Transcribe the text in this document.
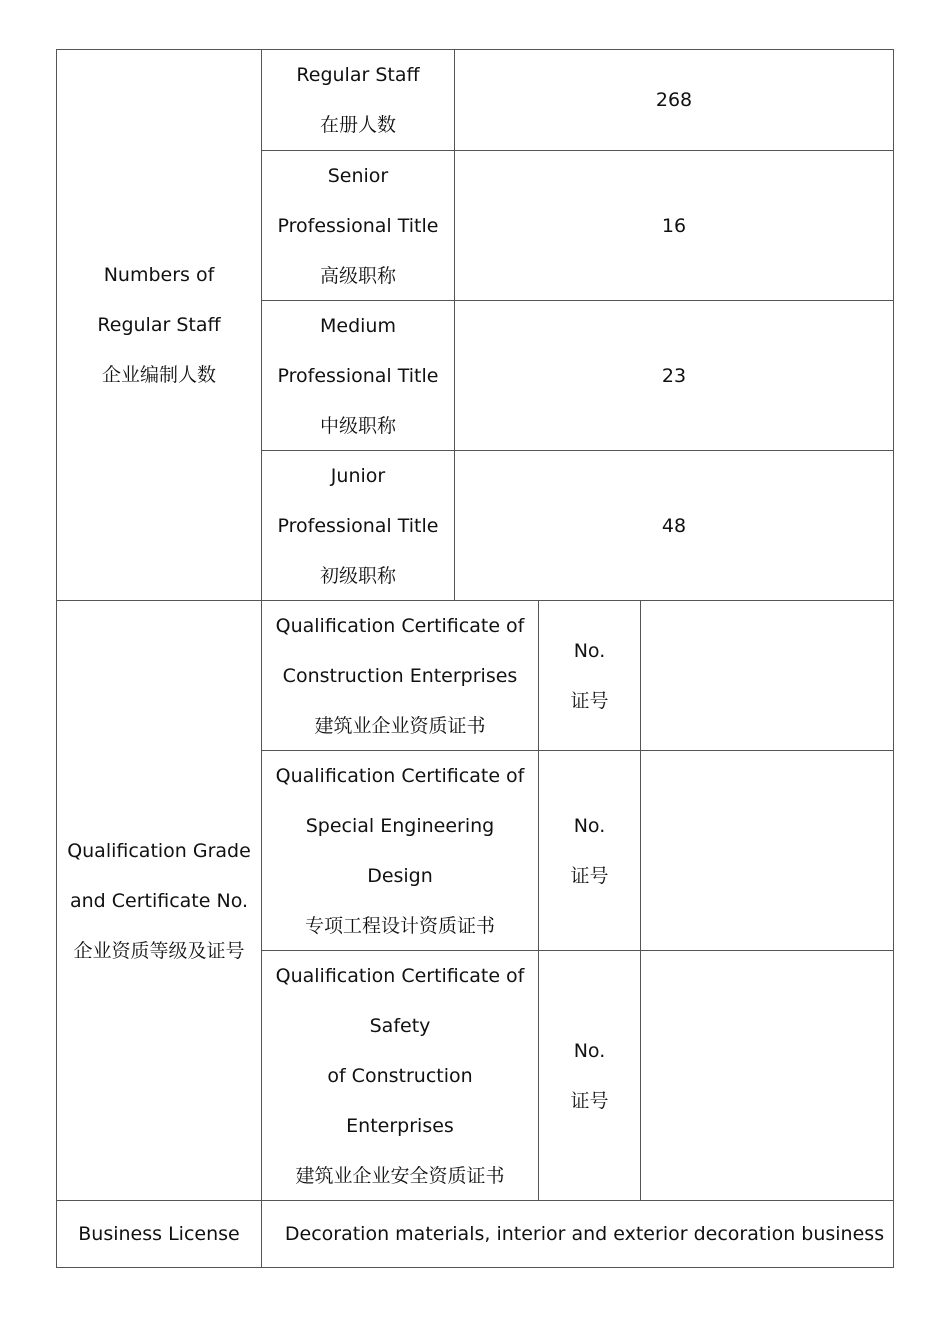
Numbers of
Regular Staff
企业编制人数
Regular Staff
在册人数
268
Senior
Professional Title
高级职称
16
Medium
Professional Title
中级职称
23
Junior
Professional Title
初级职称
48
Qualification Grade
and Certificate No.
企业资质等级及证号
Qualification Certificate of
Construction Enterprises
建筑业企业资质证书
No.
证号
Qualification Certificate of
Special Engineering
Design
专项工程设计资质证书
No.
证号
Qualification Certificate of
Safety
of Construction
Enterprises
建筑业企业安全资质证书
No.
证号
Business License Decoration materials, interior and exterior decoration business
